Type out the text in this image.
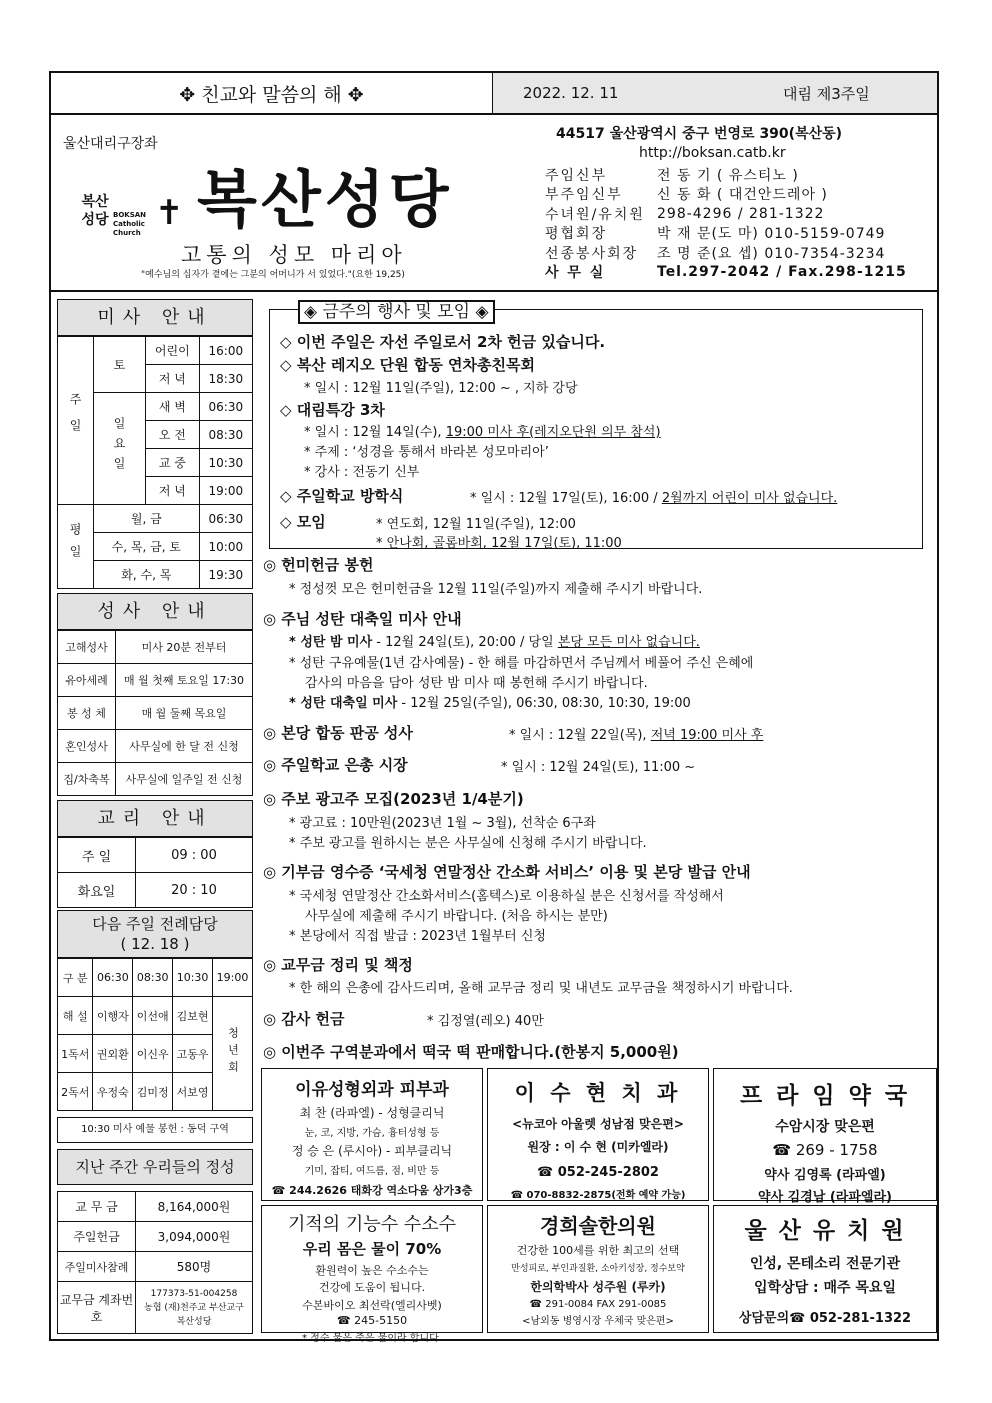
✥ 친교와 말씀의 해 ✥	2022. 12. 11	대림 제3주일
울산대리구장좌
복산 성당 BOKSAN Catholic Church ✝ 복산성당
고통의 성모 마리아
"예수님의 십자가 곁에는 그분의 어머니가 서 있었다."(요한 19,25)
44517 울산광역시 중구 번영로 390(복산동)
http://boksan.catb.kr
주임신부	전 동 기 ( 유스티노 )
부주임신부	신 동 화 ( 대건안드레아 )
수녀원/유치원 298-4296 / 281-1322
평협회장	박 재 문(도 마) 010-5159-0749
선종봉사회장	조 명 준(요 셉) 010-7354-3234
사 무 실	Tel.297-2042 / Fax.298-1215
미사 안내
주일	토	어린이	16:00
		저 녁	18:30
	일요일	새 벽	06:30
		오 전	08:30
		교 중	10:30
		저 녁	19:00
평일	월, 금		06:30
	수, 목, 금, 토		10:00
	화, 수, 목		19:30
성사 안내
고해성사	미사 20분 전부터
유아세례	매 월 첫째 토요일 17:30
봉 성 체	매 월 둘째 목요일
혼인성사	사무실에 한 달 전 신청
집/차축복	사무실에 일주일 전 신청
교리 안내
주 일	09 : 00
화요일	20 : 10
다음 주일 전례담당
( 12. 18 )
구 분	06:30	08:30	10:30	19:00
해 설	이행자	이선애	김보현	청년회
1독서	권외환	이신우	고동우	
2독서	우정숙	김미정	서보영	
10:30 미사 예물 봉헌 : 동덕 구역
지난 주간 우리들의 정성
교 무 금	8,164,000원
주일헌금	3,094,000원
주일미사참례	580명
교무금 계좌번호	177373-51-004258
농협 (재)천주교 부산교구
복산성당
◈ 금주의 행사 및 모임 ◈
◇ 이번 주일은 자선 주일로서 2차 헌금 있습니다.
◇ 복산 레지오 단원 합동 연차총친목회
* 일시 : 12월 11일(주일), 12:00 ~ , 지하 강당
◇ 대림특강 3차
* 일시 : 12월 14일(수), 19:00 미사 후(레지오단원 의무 참석)
* 주제 : ‘성경을 통해서 바라본 성모마리아’
* 강사 : 전동기 신부
◇ 주일학교 방학식	* 일시 : 12월 17일(토), 16:00 / 2월까지 어린이 미사 없습니다.
◇ 모임	* 연도회, 12월 11일(주일), 12:00
* 안나회, 골롬바회, 12월 17일(토), 11:00
◎ 헌미헌금 봉헌
* 정성껏 모은 헌미헌금을 12월 11일(주일)까지 제출해 주시기 바랍니다.
◎ 주님 성탄 대축일 미사 안내
* 성탄 밤 미사 - 12월 24일(토), 20:00 / 당일 본당 모든 미사 없습니다.
* 성탄 구유예물(1년 감사예물) - 한 해를 마감하면서 주님께서 베풀어 주신 은혜에
감사의 마음을 담아 성탄 밤 미사 때 봉헌해 주시기 바랍니다.
* 성탄 대축일 미사 - 12월 25일(주일), 06:30, 08:30, 10:30, 19:00
◎ 본당 합동 판공 성사	* 일시 : 12월 22일(목), 저녁 19:00 미사 후
◎ 주일학교 은총 시장	* 일시 : 12월 24일(토), 11:00 ~
◎ 주보 광고주 모집(2023년 1/4분기)
* 광고료 : 10만원(2023년 1월 ~ 3월), 선착순 6구좌
* 주보 광고를 원하시는 분은 사무실에 신청해 주시기 바랍니다.
◎ 기부금 영수증 ‘국세청 연말정산 간소화 서비스’ 이용 및 본당 발급 안내
* 국세청 연말정산 간소화서비스(홈텍스)로 이용하실 분은 신청서를 작성해서
사무실에 제출해 주시기 바랍니다. (처음 하시는 분만)
* 본당에서 직접 발급 : 2023년 1월부터 신청
◎ 교무금 정리 및 책정
* 한 해의 은총에 감사드리며, 올해 교무금 정리 및 내년도 교무금을 책정하시기 바랍니다.
◎ 감사 헌금	* 김정열(레오) 40만
◎ 이번주 구역분과에서 떡국 떡 판매합니다.(한봉지 5,000원)
이유성형외과 피부과
최 찬 (라파엘) - 성형클리닉
눈, 코, 지방, 가슴, 흉터성형 등
정 승 은 (루시아) - 피부클리닉
기미, 잡티, 여드름, 점, 비만 등
☎ 244.2626 태화강 역소다움 상가3층
이 수 현 치 과
<뉴코아 아울렛 성남점 맞은편>
원장 : 이 수 현 (미카엘라)
☎ 052-245-2802
☎ 070-8832-2875(전화 예약 가능)
프 라 임 약 국
수암시장 맞은편
☎ 269 - 1758
약사 김영록 (라파엘)
약사 김경남 (라파엘라)
기적의 기능수 수소수
우리 몸은 물이 70%
환원력이 높은 수소수는
건강에 도움이 됩니다.
수본바이오 최선락(엘리사벳)
☎ 245-5150
* 정수 물은 죽은 물이라 합니다.
경희솔한의원
건강한 100세를 위한 최고의 선택
만성피로, 부인과질환, 소아키성장, 정수보약
한의학박사 성주원 (루카)
☎ 291-0084 FAX 291-0085
<남외동 병영시장 우체국 맞은편>
울 산 유 치 원
인성, 몬테소리 전문기관
입학상담 : 매주 목요일
상담문의☎ 052-281-1322
